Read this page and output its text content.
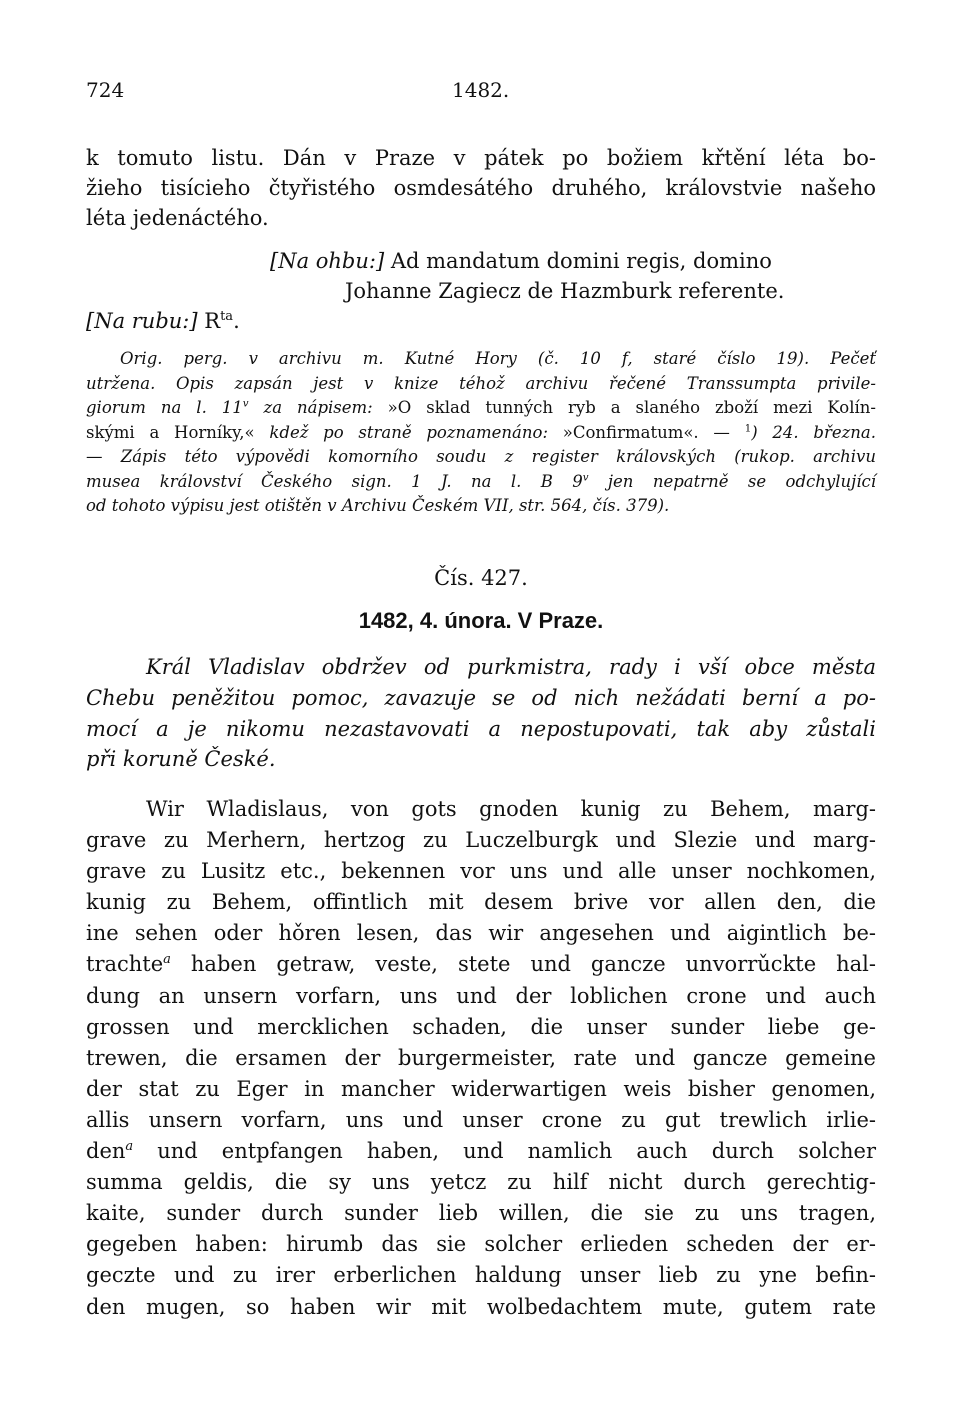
724	1482.
k tomuto listu. Dán v Praze v pátek po božiem křtění léta bo-
žieho tisícieho čtyřistého osmdesátého druhého, královstvie našeho
léta jedenáctého.
[Na ohbu:] Ad mandatum domini regis, domino
Johanne Zagiecz de Hazmburk referente.
[Na rubu:] $R^{ta}$.
Orig. perg. v archivu m. Kutné Hory (č. 10 f, staré číslo 19). Pečeť
utržena. Opis zapsán jest v knize téhož archivu řečené Transsumpta privile-
giorum na l. 11$^v$ za nápisem: »O sklad tunných ryb a slaného zboží mezi Kolín-
skými a Horníky,« kdež po straně poznamenáno: »Confirmatum«. — $^1$) 24. března.
— Zápis této výpovědi komorního soudu z register královských (rukop. archivu
musea království Českého sign. 1 J. na l. B 9$^v$ jen nepatrně se odchylující
od tohoto výpisu jest otištěn v Archivu Českém VII, str. 564, čís. 379).
Čís. 427.
1482, 4. února. V Praze.
Král Vladislav obdržev od purkmistra, rady i vší obce města
Chebu peněžitou pomoc, zavazuje se od nich nežádati berní a po-
mocí a je nikomu nezastavovati a nepostupovati, tak aby zůstali
při koruně České.
Wir Wladislaus, von gots gnoden kunig zu Behem, marg-
grave zu Merhern, hertzog zu Luczelburgk und Slezie und marg-
grave zu Lusitz etc., bekennen vor uns und alle unser nochkomen,
kunig zu Behem, offintlich mit desem brive vor allen den, die
ine sehen oder hǒren lesen, das wir angesehen und aigintlich be-
trachte$^a$ haben getraw, veste, stete und gancze unvorrǔckte hal-
dung an unsern vorfarn, uns und der loblichen crone und auch
grossen und mercklichen schaden, die unser sunder liebe ge-
trewen, die ersamen der burgermeister, rate und gancze gemeine
der stat zu Eger in mancher widerwartigen weis bisher genomen,
allis unsern vorfarn, uns und unser crone zu gut trewlich irlie-
den$^a$ und entpfangen haben, und namlich auch durch solcher
summa geldis, die sy uns yetcz zu hilf nicht durch gerechtig-
kaite, sunder durch sunder lieb willen, die sie zu uns tragen,
gegeben haben: hirumb das sie solcher erlieden scheden der er-
geczte und zu irer erberlichen haldung unser lieb zu yne befin-
den mugen, so haben wir mit wolbedachtem mute, gutem rate
